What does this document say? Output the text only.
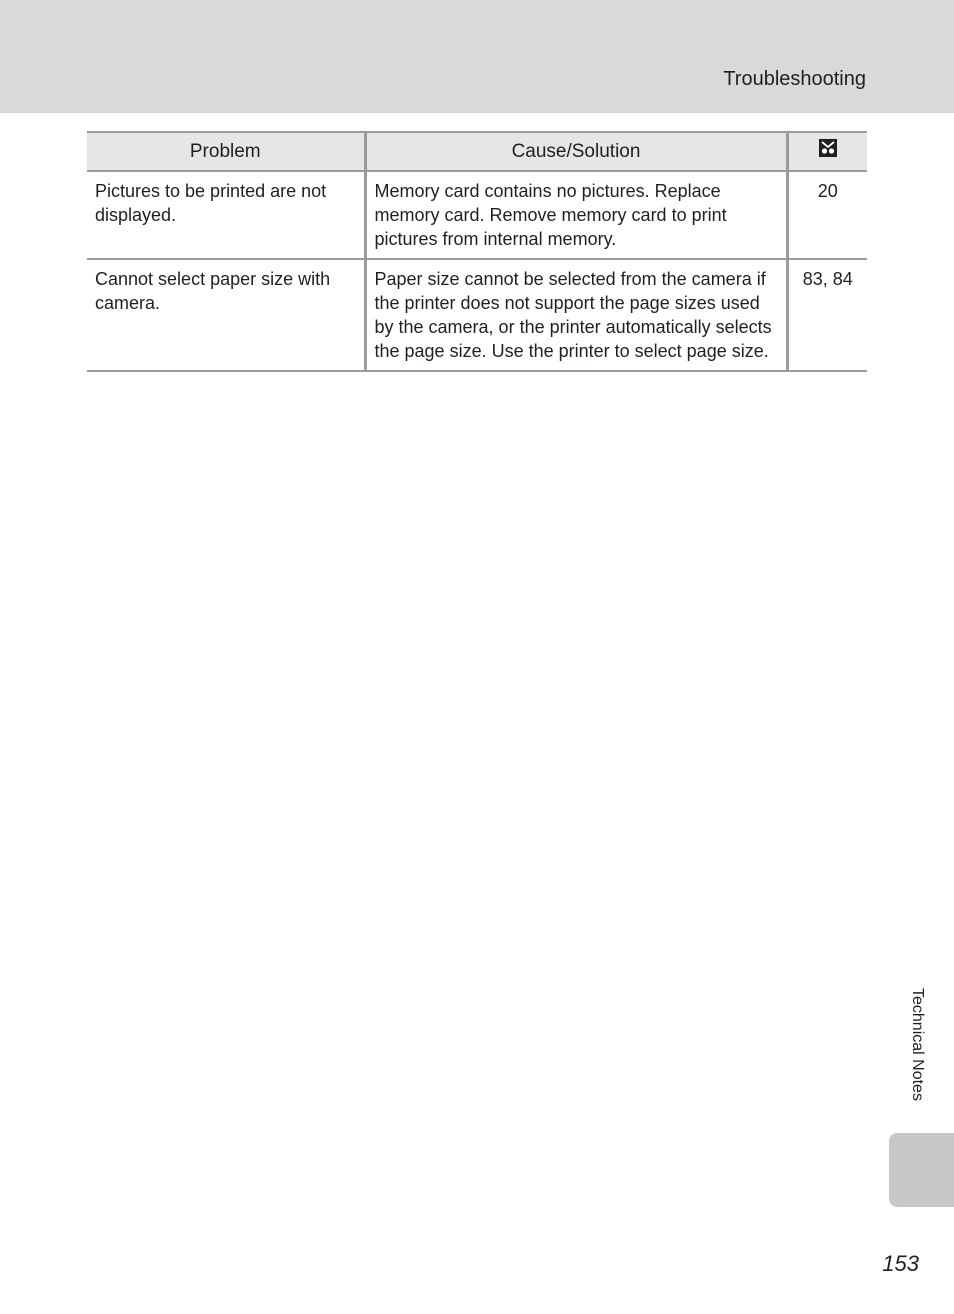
Troubleshooting
Problem	Cause/Solution	
Pictures to be printed are not displayed.	Memory card contains no pictures. Replace memory card. Remove memory card to print pictures from internal memory.	20
Cannot select paper size with camera.	Paper size cannot be selected from the camera if the printer does not support the page sizes used by the camera, or the printer automatically selects the page size. Use the printer to select page size.	83, 84
Technical Notes
153
